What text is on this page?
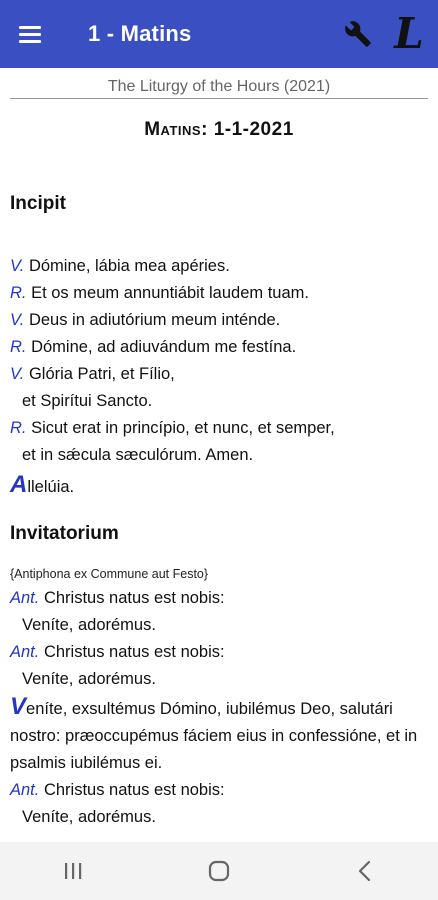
1 - Matins	L
The Liturgy of the Hours (2021)
Matins: 1-1-2021
Incipit
V. Dómine, lábia mea apéries.
R. Et os meum annuntiábit laudem tuam.
V. Deus in adiutórium meum inténde.
R. Dómine, ad adiuvándum me festína.
V. Glória Patri, et Fílio,
et Spirítui Sancto.
R. Sicut erat in princípio, et nunc, et semper,
et in sǽcula sæculórum. Amen.
Allelúia.
Invitatorium
{Antiphona ex Commune aut Festo}
Ant. Christus natus est nobis:
Veníte, adorémus.
Ant. Christus natus est nobis:
Veníte, adorémus.
Veníte, exsultémus Dómino, iubilémus Deo, salutári nostro: præoccupémus fáciem eius in confessióne, et in psalmis iubilémus ei.
Ant. Christus natus est nobis:
Veníte, adorémus.
